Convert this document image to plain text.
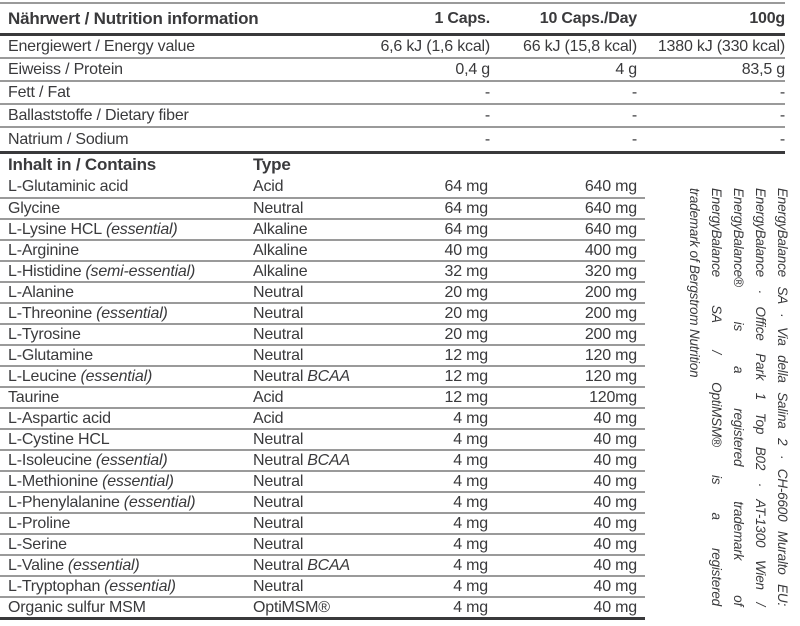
Nährwert / Nutrition information	1 Caps.	10 Caps./Day	100g
Energiewert / Energy value	6,6 kJ (1,6 kcal)	66 kJ (15,8 kcal)	1380 kJ (330 kcal)
Eiweiss / Protein	0,4 g	4 g	83,5 g
Fett / Fat	-	-	-
Ballaststoffe / Dietary fiber	-	-	-
Natrium / Sodium	-	-	-
Inhalt in / Contains	Type
L-Glutaminic acid	Acid	64 mg	640 mg
Glycine	Neutral	64 mg	640 mg
L-Lysine HCL (essential)	Alkaline	64 mg	640 mg
L-Arginine	Alkaline	40 mg	400 mg
L-Histidine (semi-essential)	Alkaline	32 mg	320 mg
L-Alanine	Neutral	20 mg	200 mg
L-Threonine (essential)	Neutral	20 mg	200 mg
L-Tyrosine	Neutral	20 mg	200 mg
L-Glutamine	Neutral	12 mg	120 mg
L-Leucine (essential)	Neutral BCAA	12 mg	120 mg
Taurine	Acid	12 mg	120mg
L-Aspartic acid	Acid	4 mg	40 mg
L-Cystine HCL	Neutral	4 mg	40 mg
L-Isoleucine (essential)	Neutral BCAA	4 mg	40 mg
L-Methionine (essential)	Neutral	4 mg	40 mg
L-Phenylalanine (essential)	Neutral	4 mg	40 mg
L-Proline	Neutral	4 mg	40 mg
L-Serine	Neutral	4 mg	40 mg
L-Valine (essential)	Neutral BCAA	4 mg	40 mg
L-Tryptophan (essential)	Neutral	4 mg	40 mg
Organic sulfur MSM	OptiMSM®	4 mg	40 mg
EnergyBalance SA · Via della Salina 2 · CH-6600 Muralto EU:
EnergyBalance · Office Park 1 Top B02 · AT-1300 Wien /
EnergyBalance® is a registered trademark of
EnergyBalance SA / OptiMSM® is a registered
trademark of Bergstrom Nutrition
